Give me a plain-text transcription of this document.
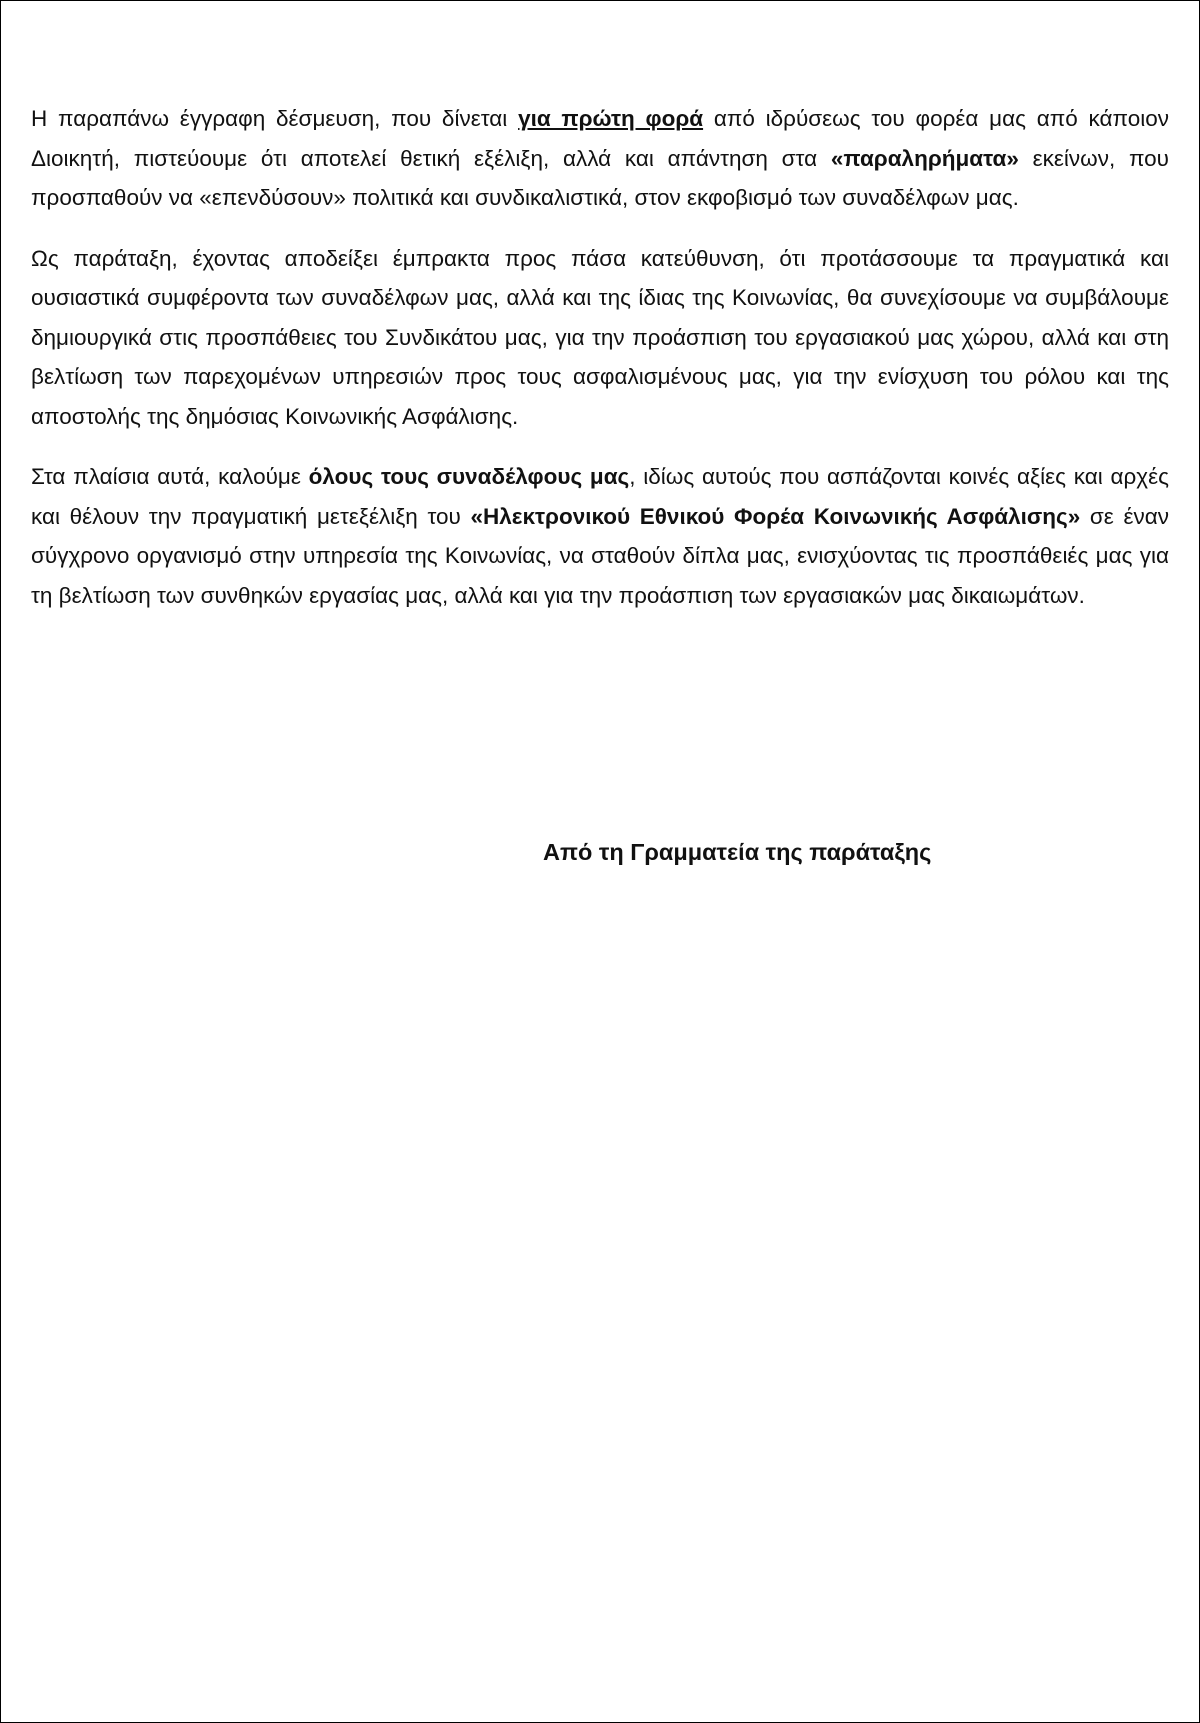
Η παραπάνω έγγραφη δέσμευση, που δίνεται για πρώτη φορά από ιδρύσεως του φορέα μας από κάποιον Διοικητή, πιστεύουμε ότι αποτελεί θετική εξέλιξη, αλλά και απάντηση στα «παραληρήματα» εκείνων, που προσπαθούν να «επενδύσουν» πολιτικά και συνδικαλιστικά, στον εκφοβισμό των συναδέλφων μας.

Ως παράταξη, έχοντας αποδείξει έμπρακτα προς πάσα κατεύθυνση, ότι προτάσσουμε τα πραγματικά και ουσιαστικά συμφέροντα των συναδέλφων μας, αλλά και της ίδιας της Κοινωνίας, θα συνεχίσουμε να συμβάλουμε δημιουργικά στις προσπάθειες του Συνδικάτου μας, για την προάσπιση του εργασιακού μας χώρου, αλλά και στη βελτίωση των παρεχομένων υπηρεσιών προς τους ασφαλισμένους μας, για την ενίσχυση του ρόλου και της αποστολής της δημόσιας Κοινωνικής Ασφάλισης.

Στα πλαίσια αυτά, καλούμε όλους τους συναδέλφους μας, ιδίως αυτούς που ασπάζονται κοινές αξίες και αρχές και θέλουν την πραγματική μετεξέλιξη του «Ηλεκτρονικού Εθνικού Φορέα Κοινωνικής Ασφάλισης» σε έναν σύγχρονο οργανισμό στην υπηρεσία της Κοινωνίας, να σταθούν δίπλα μας, ενισχύοντας τις προσπάθειές μας για τη βελτίωση των συνθηκών εργασίας μας, αλλά και για την προάσπιση των εργασιακών μας δικαιωμάτων.

Από τη Γραμματεία της παράταξης
